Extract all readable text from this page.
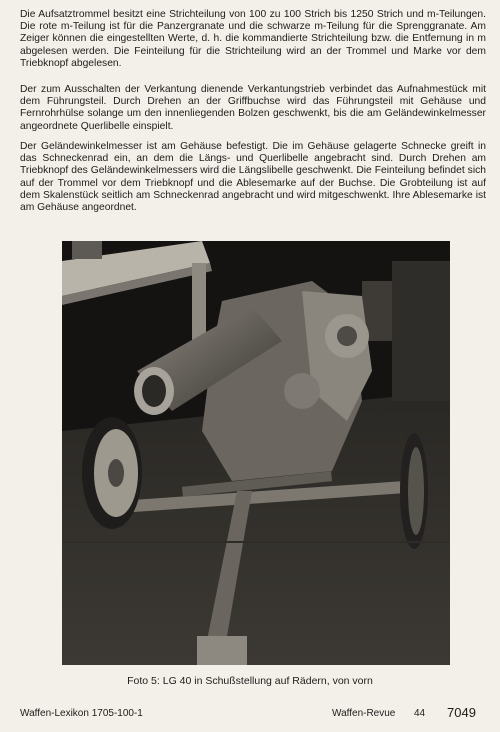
Die Aufsatztrommel besitzt eine Strichteilung von 100 zu 100 Strich bis 1250 Strich und m-Teilungen. Die rote m-Teilung ist für die Panzergranate und die schwarze m-Teilung für die Sprenggranate. Am Zeiger können die eingestellten Werte, d. h. die kommandierte Strichteilung bzw. die Entfernung in m abgelesen werden. Die Feinteilung für die Strichteilung wird an der Trommel und Marke vor dem Triebknopf abgelesen.

Der zum Ausschalten der Verkantung dienende Verkantungstrieb verbindet das Aufnahmestück mit dem Führungsteil. Durch Drehen an der Griffbuchse wird das Führungsteil mit Gehäuse und Fernrohrhülse solange um den innenliegenden Bolzen geschwenkt, bis die am Geländewinkelmesser angeordnete Querlibelle einspielt.

Der Geländewinkelmesser ist am Gehäuse befestigt. Die im Gehäuse gelagerte Schnecke greift in das Schneckenrad ein, an dem die Längs- und Querlibelle angebracht sind. Durch Drehen am Triebknopf des Geländewinkelmessers wird die Längslibelle geschwenkt. Die Feinteilung befindet sich auf der Trommel vor dem Triebknopf und die Ablesemarke auf der Buchse. Die Grobteilung ist auf dem Skalenstück seitlich am Schneckenrad angebracht und wird mitgeschwenkt. Ihre Ablesemarke ist am Gehäuse angeordnet.

Foto 5: LG 40 in Schußstellung auf Rädern, von vorn
Waffen-Lexikon 1705-100-1	Waffen-Revue 44 7049
